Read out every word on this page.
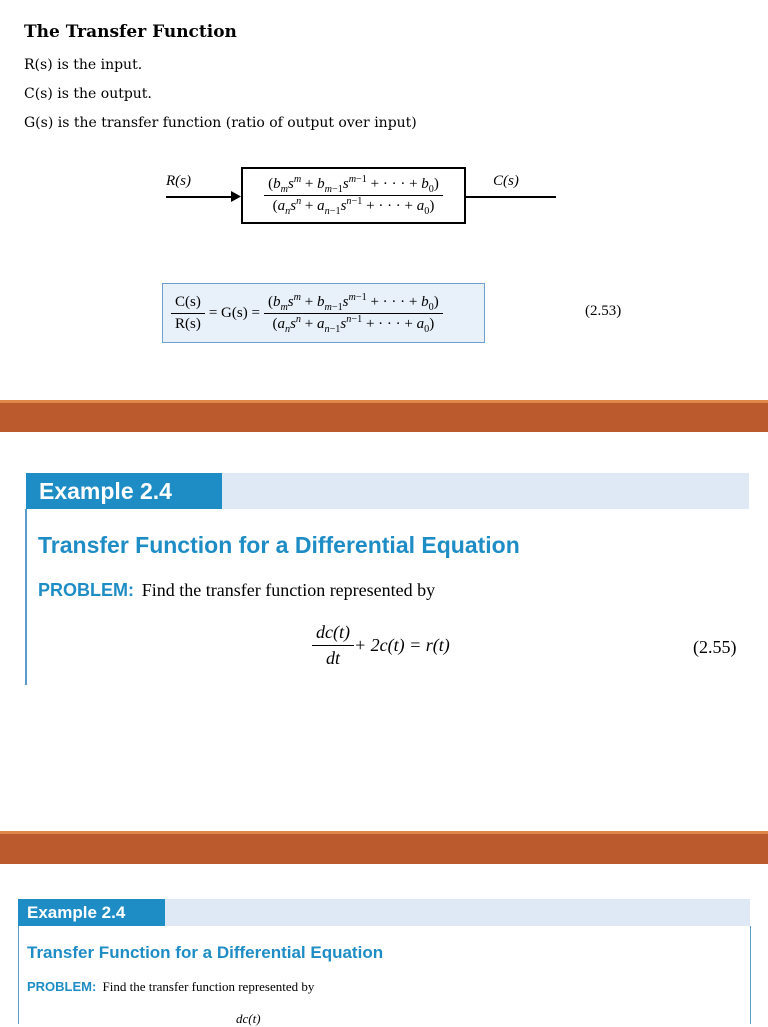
The Transfer Function
R(s) is the input.
C(s) is the output.
G(s) is the transfer function (ratio of output over input)
R(s)	$\frac{(b_ms^m + b_{m-1}s^{m-1} + \cdot \cdot \cdot + b_0)}{(a_ns^n + a_{n-1}s^{n-1} + \cdot \cdot \cdot + a_0)}$	C(s)
$\frac{C(s)}{R(s)} = G(s) = \frac{(b_ms^m + b_{m-1}s^{m-1} + \cdot \cdot \cdot + b_0)}{(a_ns^n + a_{n-1}s^{n-1} + \cdot \cdot \cdot + a_0)}$	(2.53)
Example 2.4
Transfer Function for a Differential Equation
PROBLEM: Find the transfer function represented by
$\frac{dc(t)}{dt} + 2c(t) = r(t)$	(2.55)
Example 2.4
Transfer Function for a Differential Equation
PROBLEM: Find the transfer function represented by
dc(t)
